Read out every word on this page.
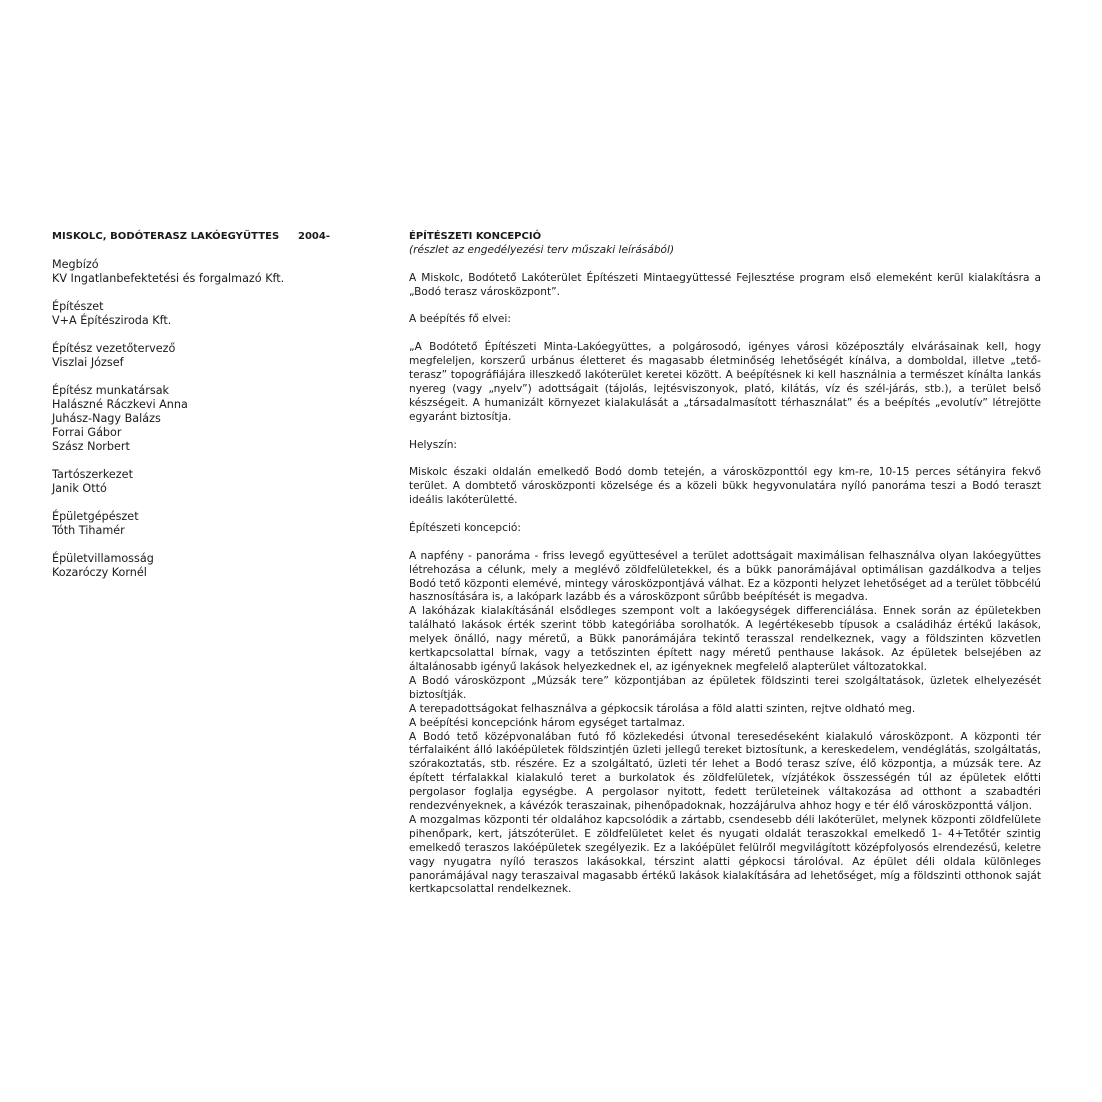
MISKOLC, BODÓTERASZ LAKÓEGYÜTTES 2004-
Megbízó
KV Ingatlanbefektetési és forgalmazó Kft.
Építészet
V+A Építésziroda Kft.
Építész vezetőtervező
Viszlai József
Építész munkatársak
Halászné Ráczkevi Anna
Juhász-Nagy Balázs
Forrai Gábor
Szász Norbert
Tartószerkezet
Janik Ottó
Épületgépészet
Tóth Tihamér
Épületvillamosság
Kozaróczy Kornél
ÉPÍTÉSZETI KONCEPCIÓ
(részlet az engedélyezési terv műszaki leírásából)

A Miskolc, Bodótető Lakóterület Építészeti Mintaegyüttessé Fejlesztése program első elemeként kerül kialakításra a „Bodó terasz városközpont”.

A beépítés fő elvei:

„A Bodótető Építészeti Minta-Lakóegyüttes, a polgárosodó, igényes városi középosztály elvárásainak kell, hogy megfeleljen, korszerű urbánus életteret és magasabb életminőség lehetőségét kínálva, a domboldal, illetve „tető-terasz” topográfiájára illeszkedő lakóterület keretei között. A beépítésnek ki kell használnia a természet kínálta lankás nyereg (vagy „nyelv”) adottságait (tájolás, lejtésviszonyok, plató, kilátás, víz és szél-járás, stb.), a terület belső készségeit. A humanizált környezet kialakulását a „társadalmasított térhasználat” és a beépítés „evolutív” létrejötte egyaránt biztosítja.

Helyszín:

Miskolc északi oldalán emelkedő Bodó domb tetején, a városközponttól egy km-re, 10-15 perces sétányira fekvő terület. A dombtető városközponti közelsége és a közeli bükk hegyvonulatára nyíló panoráma teszi a Bodó teraszt ideális lakóterületté.

Építészeti koncepció:

A napfény - panoráma - friss levegő együttesével a terület adottságait maximálisan felhasználva olyan lakóegyüttes létrehozása a célunk, mely a meglévő zöldfelületekkel, és a bükk panorámájával optimálisan gazdálkodva a teljes Bodó tető központi elemévé, mintegy városközpontjává válhat. Ez a központi helyzet lehetőséget ad a terület többcélú hasznosítására is, a lakópark lazább és a városközpont sűrűbb beépítését is megadva.

A lakóházak kialakításánál elsődleges szempont volt a lakóegységek differenciálása. Ennek során az épületekben található lakások érték szerint több kategóriába sorolhatók. A legértékesebb típusok a családiház értékű lakások, melyek önálló, nagy méretű, a Bükk panorámájára tekintő terasszal rendelkeznek, vagy a földszinten közvetlen kertkapcsolattal bírnak, vagy a tetőszinten épített nagy méretű penthause lakások. Az épületek belsejében az általánosabb igényű lakások helyezkednek el, az igényeknek megfelelő alapterület változatokkal.

A Bodó városközpont „Múzsák tere” központjában az épületek földszinti terei szolgáltatások, üzletek elhelyezését biztosítják.

A terepadottságokat felhasználva a gépkocsik tárolása a föld alatti szinten, rejtve oldható meg.

A beépítési koncepciónk három egységet tartalmaz.

A Bodó tető középvonalában futó fő közlekedési útvonal teresedéseként kialakuló városközpont. A központi tér térfalaiként álló lakóépületek földszintjén üzleti jellegű tereket biztosítunk, a kereskedelem, vendéglátás, szolgáltatás, szórakoztatás, stb. részére. Ez a szolgáltató, üzleti tér lehet a Bodó terasz szíve, élő központja, a múzsák tere. Az épített térfalakkal kialakuló teret a burkolatok és zöldfelületek, vízjátékok összességén túl az épületek előtti pergolasor foglalja egységbe. A pergolasor nyitott, fedett területeinek váltakozása ad otthont a szabadtéri rendezvényeknek, a kávézók teraszainak, pihenőpadoknak, hozzájárulva ahhoz hogy e tér élő városközponttá váljon.

A mozgalmas központi tér oldalához kapcsolódik a zártabb, csendesebb déli lakóterület, melynek központi zöldfelülete pihenőpark, kert, játszóterület. E zöldfelületet kelet és nyugati oldalát teraszokkal emelkedő 1- 4+Tetőtér szintig emelkedő teraszos lakóépületek szegélyezik. Ez a lakóépület felülről megvilágított középfolyosós elrendezésű, keletre vagy nyugatra nyíló teraszos lakásokkal, térszint alatti gépkocsi tárolóval. Az épület déli oldala különleges panorámájával nagy teraszaival magasabb értékű lakások kialakítására ad lehetőséget, míg a földszinti otthonok saját kertkapcsolattal rendelkeznek.
